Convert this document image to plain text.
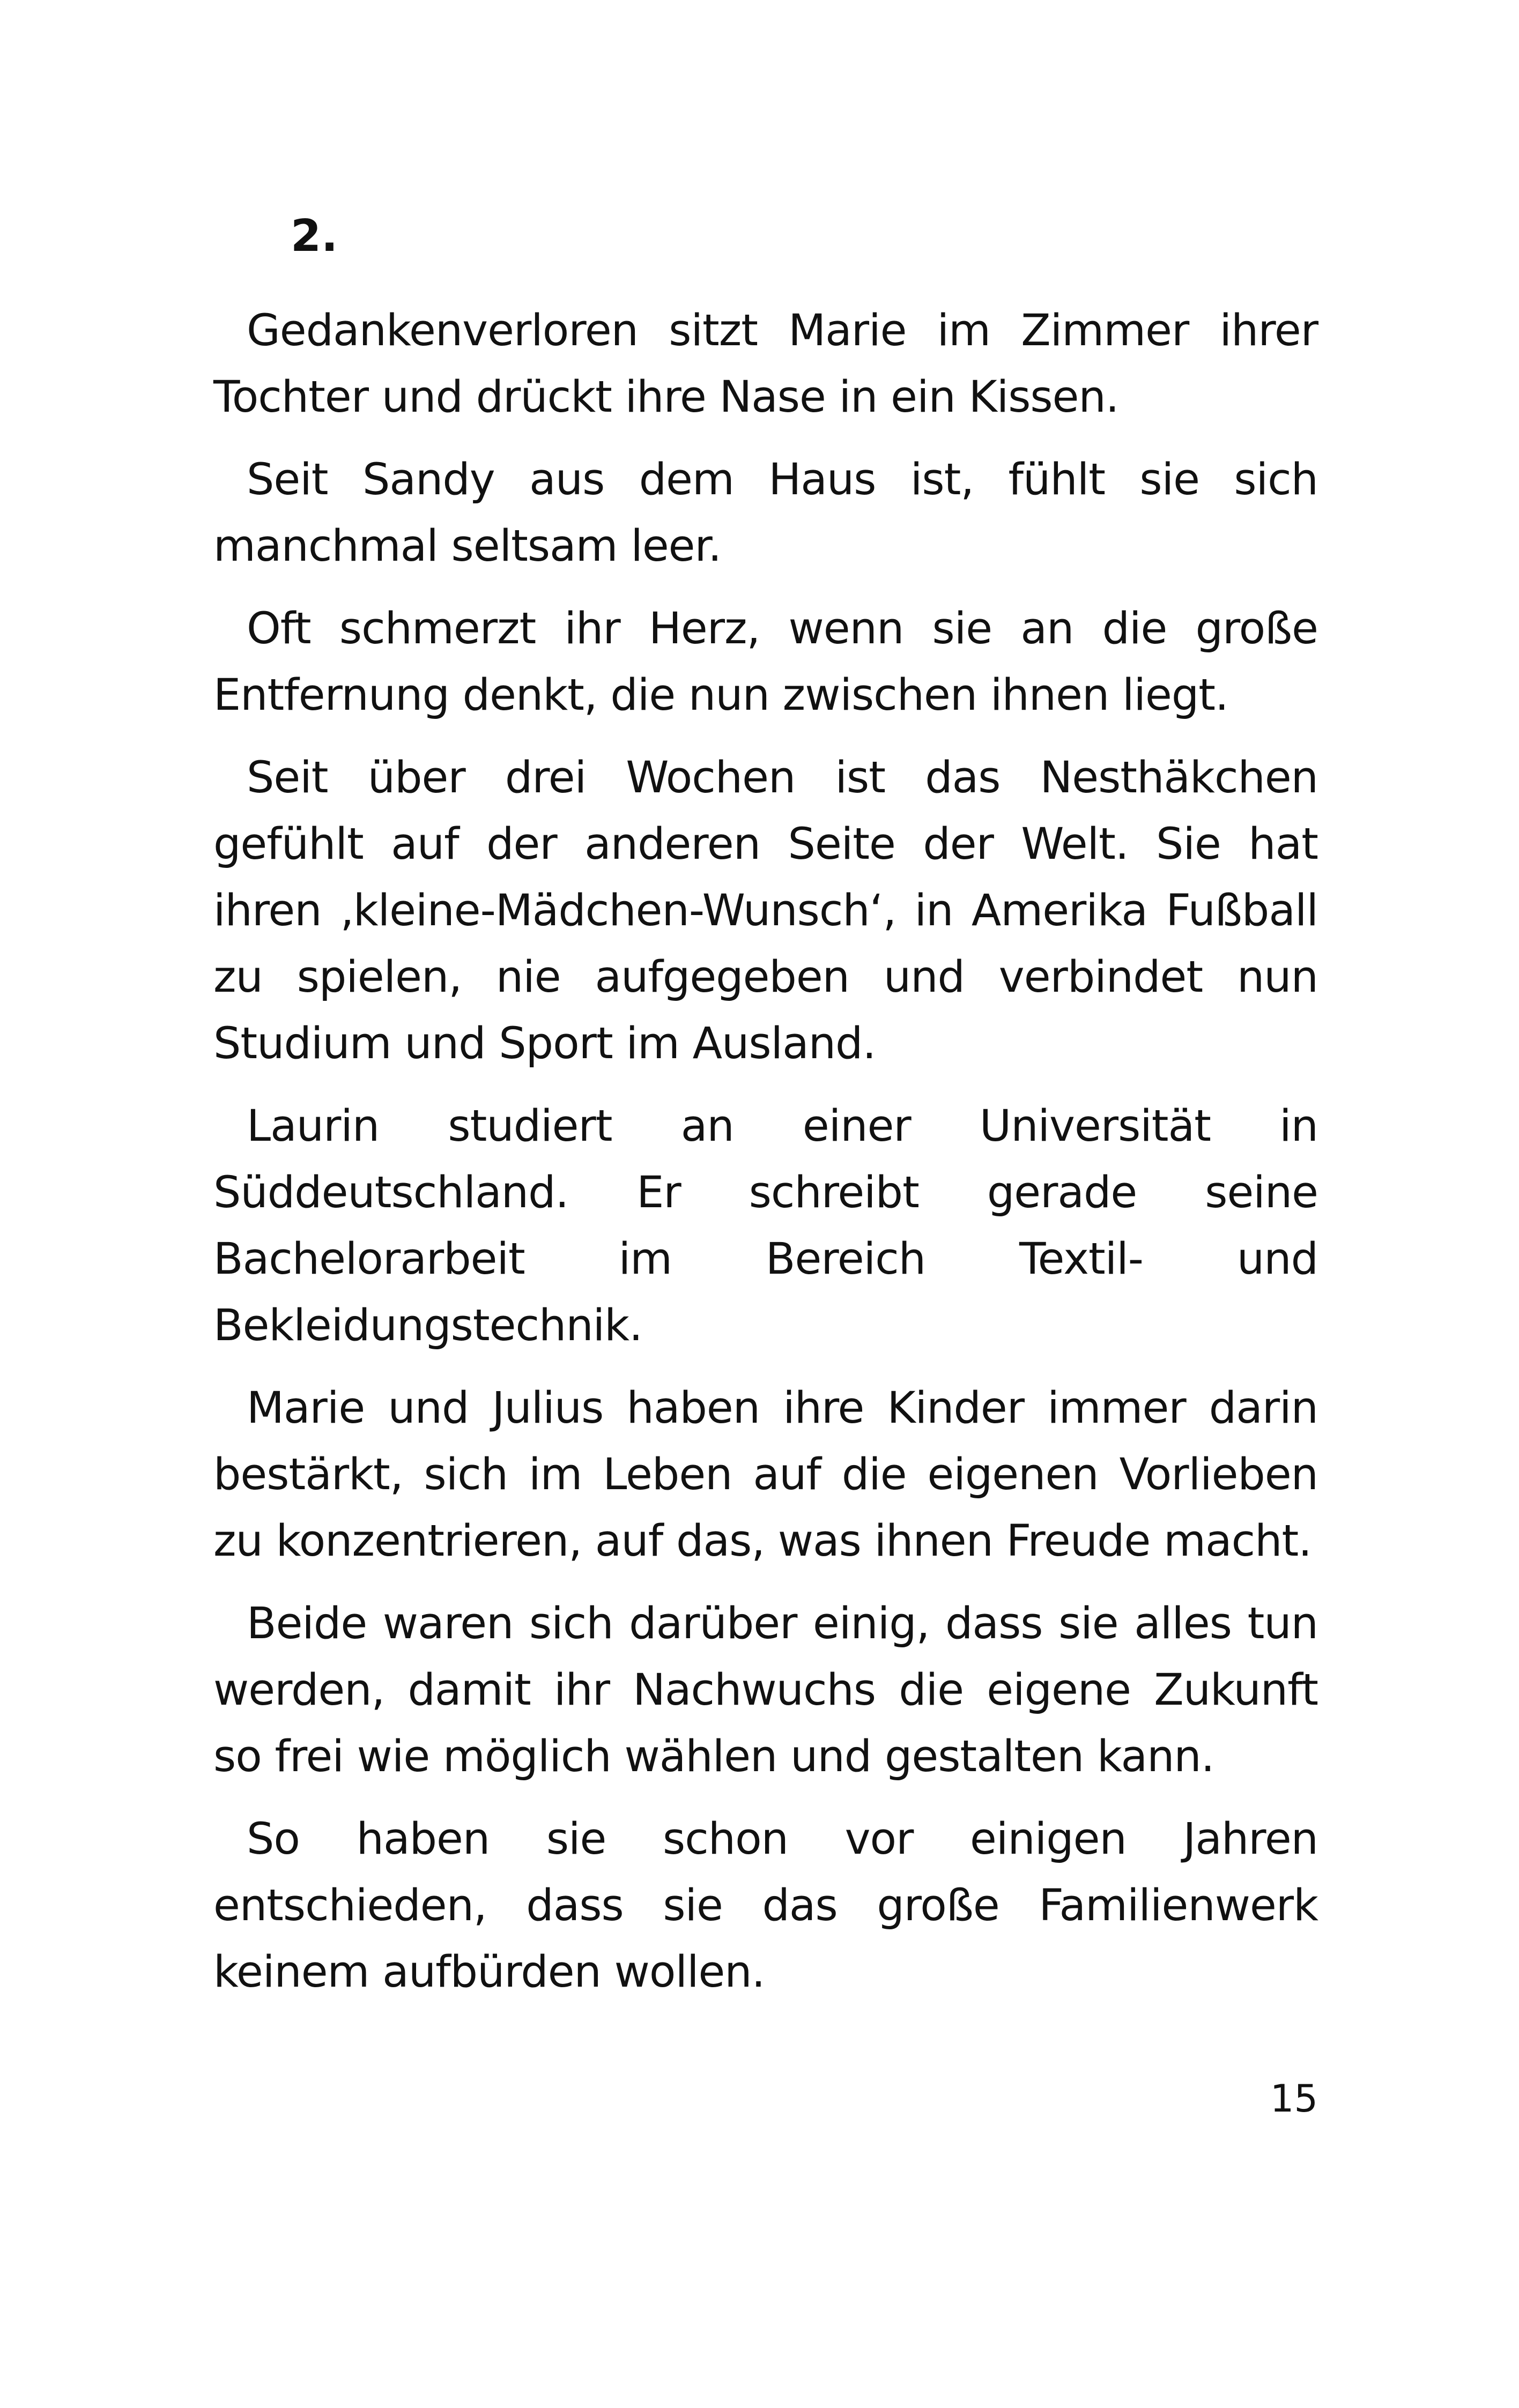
2.

Gedankenverloren sitzt Marie im Zimmer ihrer Tochter und drückt ihre Nase in ein Kissen.

Seit Sandy aus dem Haus ist, fühlt sie sich manchmal seltsam leer.

Oft schmerzt ihr Herz, wenn sie an die große Entfernung denkt, die nun zwischen ihnen liegt.

Seit über drei Wochen ist das Nesthäkchen gefühlt auf der anderen Seite der Welt. Sie hat ihren ‚kleine-Mädchen-Wunsch‘, in Amerika Fußball zu spielen, nie aufgegeben und verbindet nun Studium und Sport im Ausland.

Laurin studiert an einer Universität in Süddeutschland. Er schreibt gerade seine Bachelorarbeit im Bereich Textil- und Bekleidungstechnik.

Marie und Julius haben ihre Kinder immer darin bestärkt, sich im Leben auf die eigenen Vorlieben zu konzentrieren, auf das, was ihnen Freude macht.

Beide waren sich darüber einig, dass sie alles tun werden, damit ihr Nachwuchs die eigene Zukunft so frei wie möglich wählen und gestalten kann.

So haben sie schon vor einigen Jahren entschieden, dass sie das große Familienwerk keinem aufbürden wollen.

15
